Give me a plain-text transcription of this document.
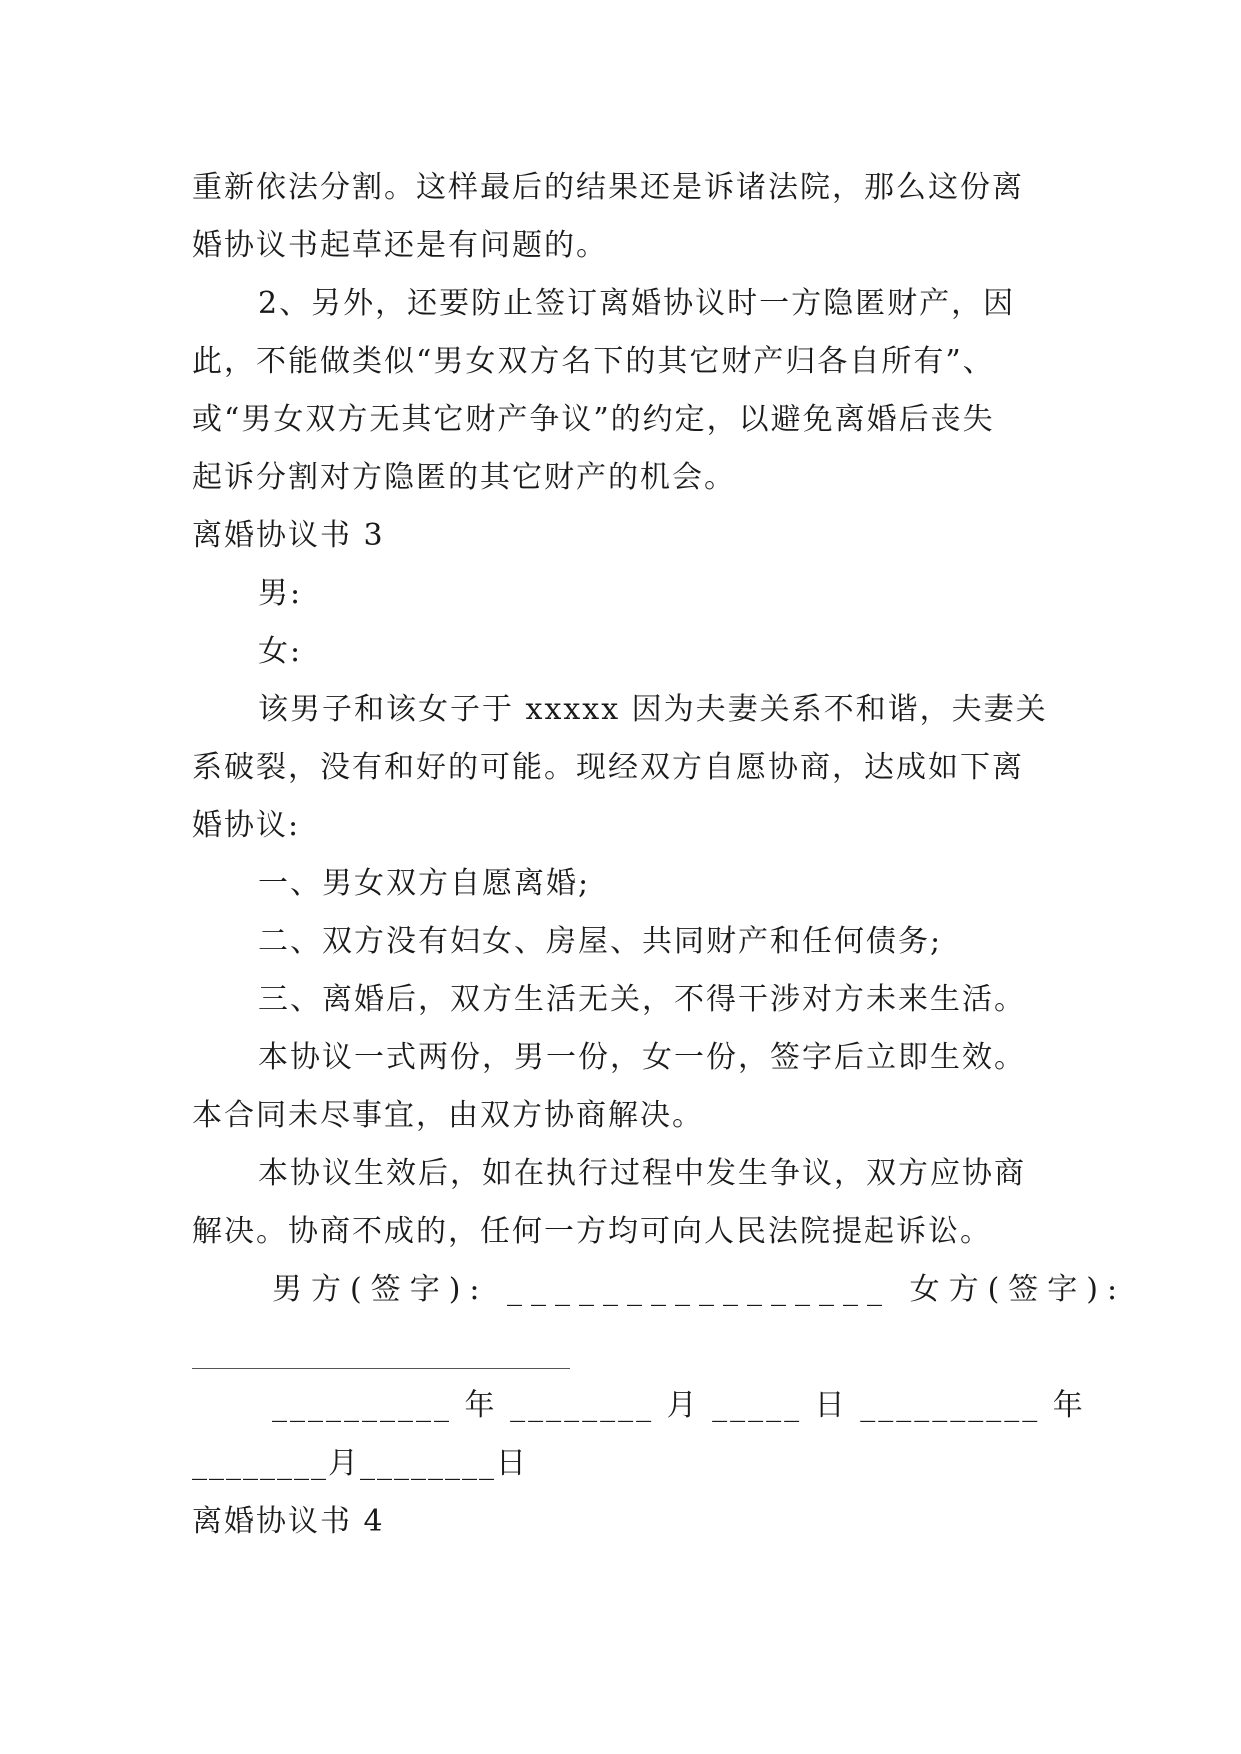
重新依法分割。这样最后的结果还是诉诸法院，那么这份离
婚协议书起草还是有问题的。
2、另外，还要防止签订离婚协议时一方隐匿财产，因
此，不能做类似“男女双方名下的其它财产归各自所有”、
或“男女双方无其它财产争议”的约定，以避免离婚后丧失
起诉分割对方隐匿的其它财产的机会。
离婚协议书 3
男:
女:
该男子和该女子于 xxxxx 因为夫妻关系不和谐，夫妻关
系破裂，没有和好的可能。现经双方自愿协商，达成如下离
婚协议:
一、男女双方自愿离婚;
二、双方没有妇女、房屋、共同财产和任何债务;
三、离婚后，双方生活无关，不得干涉对方未来生活。
本协议一式两份，男一份，女一份，签字后立即生效。
本合同未尽事宜，由双方协商解决。
本协议生效后，如在执行过程中发生争议，双方应协商
解决。协商不成的，任何一方均可向人民法院提起诉讼。
男方(签字): ________________ 女方(签字):
__________ 年 ________ 月 _____ 日 __________ 年
________月________日
离婚协议书 4
